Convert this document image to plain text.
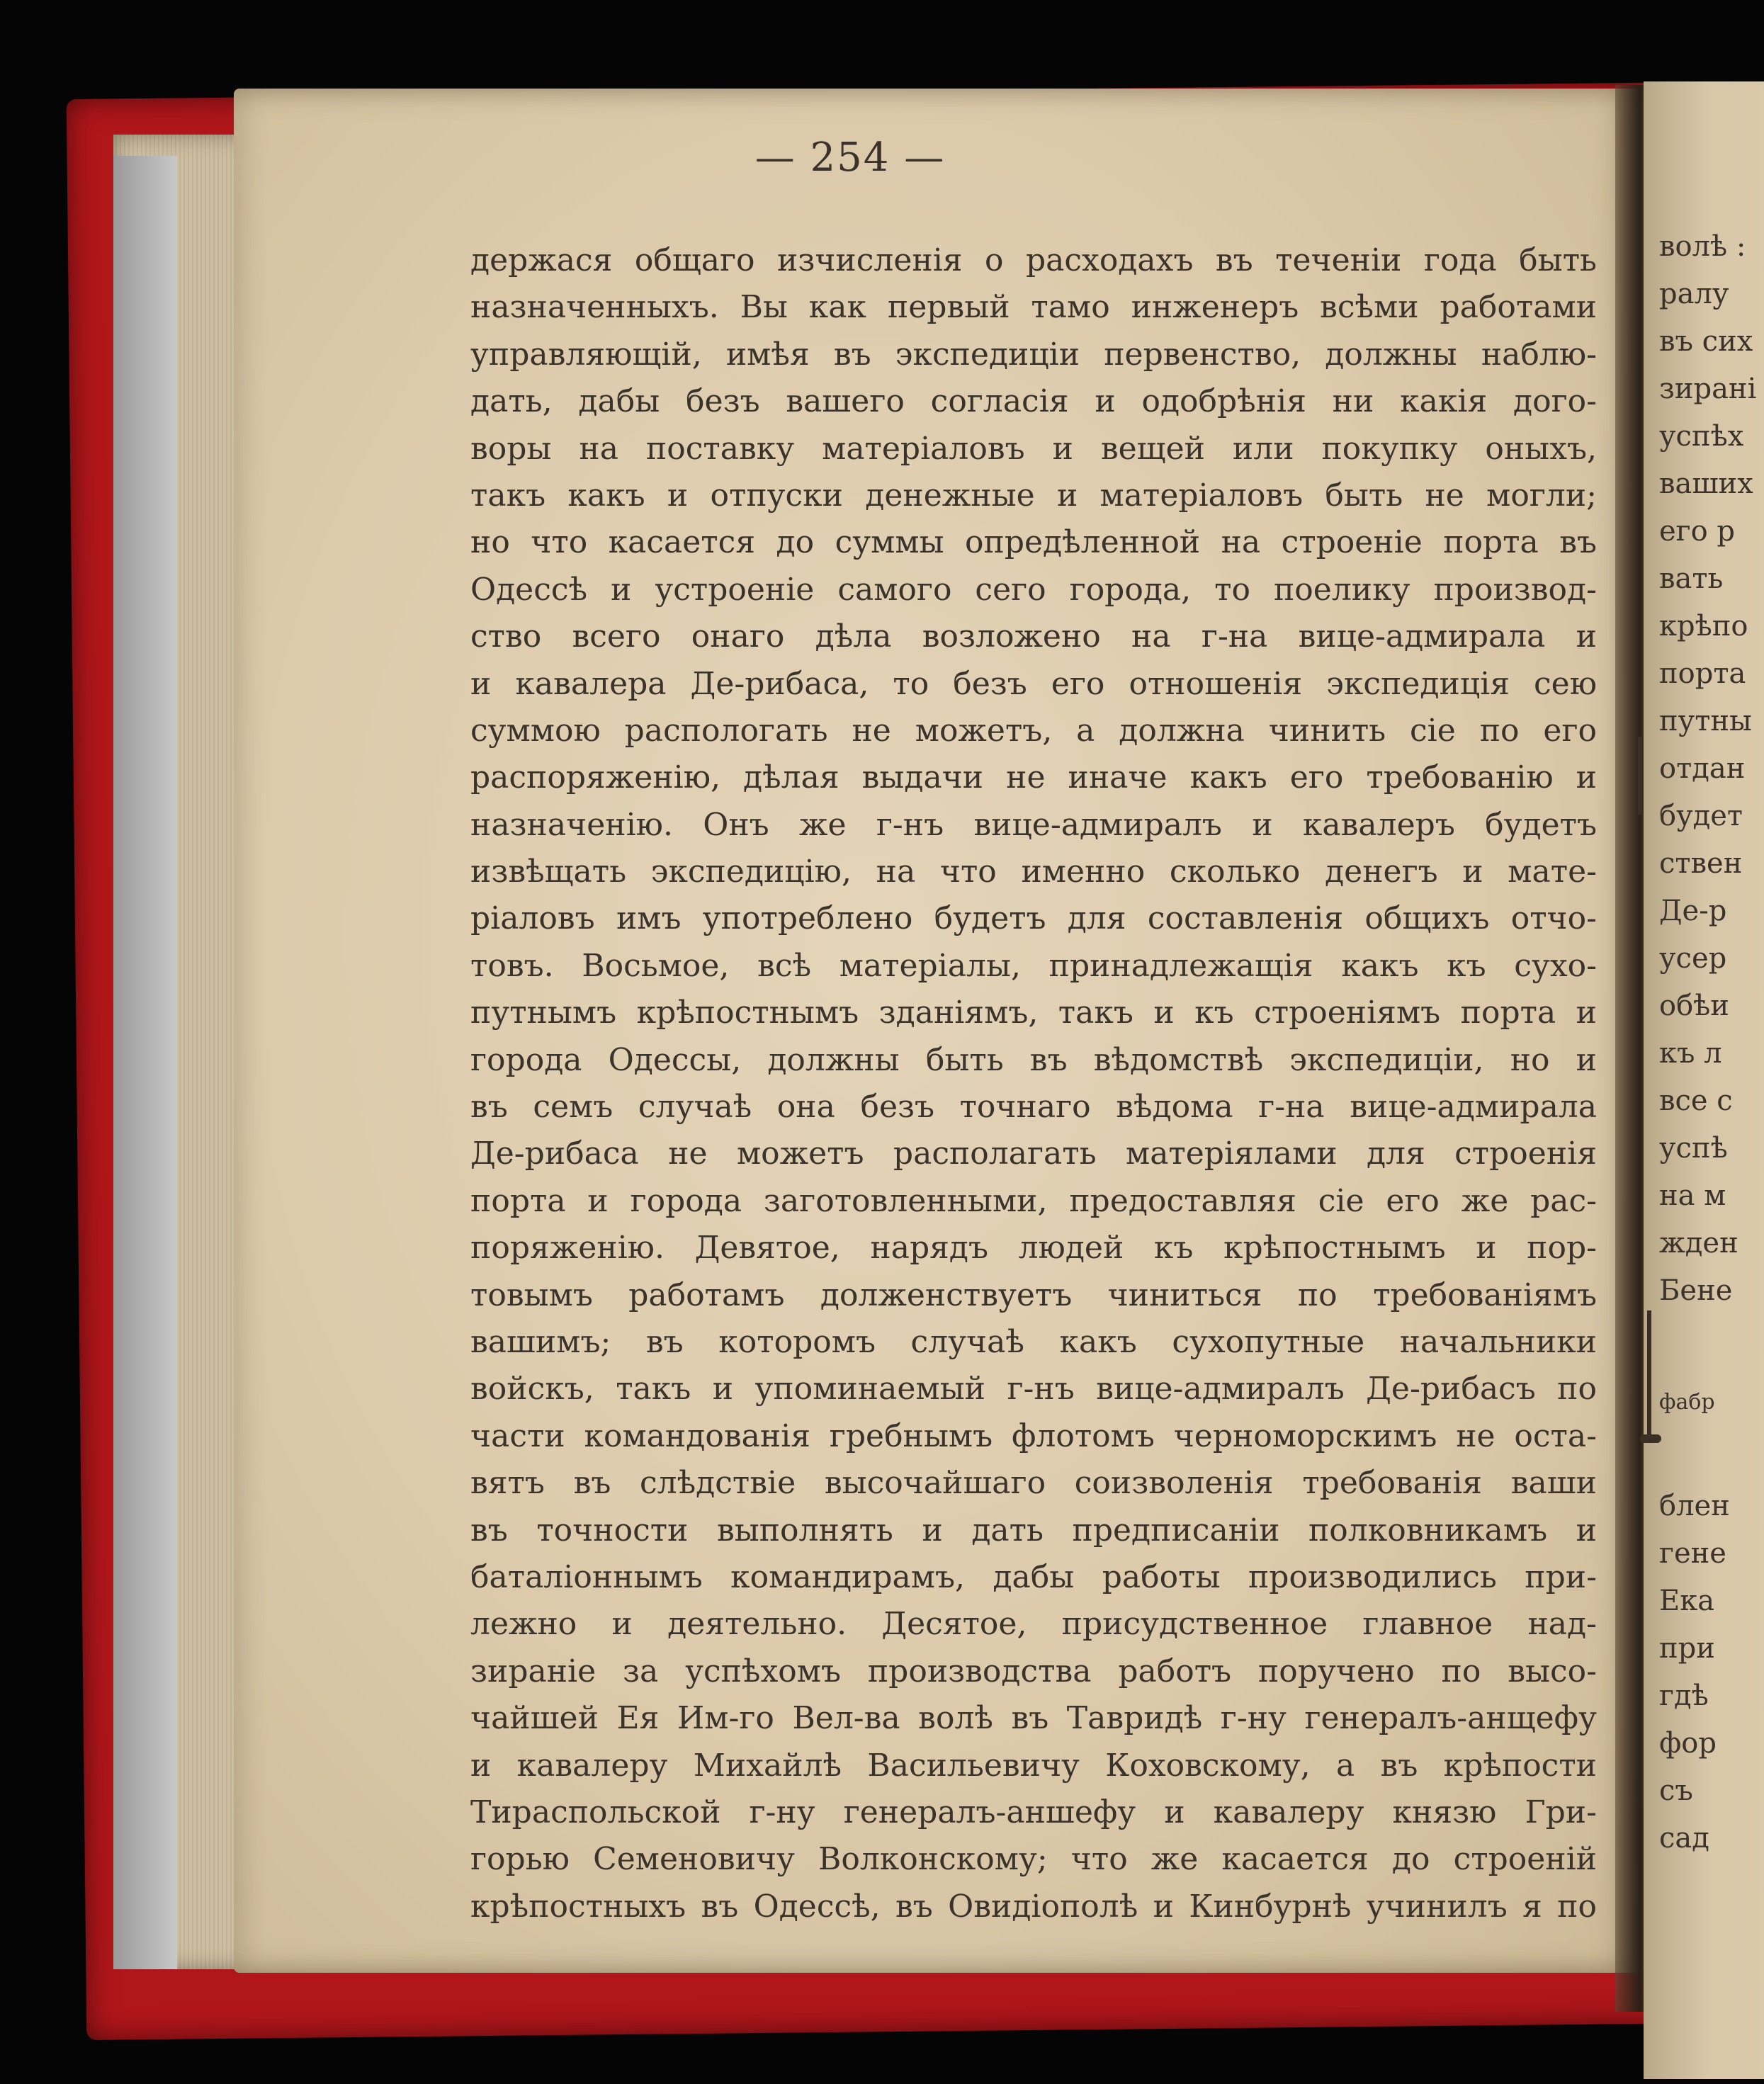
— 254 —
держася общаго изчисленія о расходахъ въ теченіи года быть
назначенныхъ. Вы как первый тамо инженеръ всѣми работами
управляющій, имѣя въ экспедиціи первенство, должны наблю-
дать, дабы безъ вашего согласія и одобрѣнія ни какія дого-
воры на поставку матеріаловъ и вещей или покупку оныхъ,
такъ какъ и отпуски денежные и матеріаловъ быть не могли;
но что касается до суммы опредѣленной на строеніе порта въ
Одессѣ и устроеніе самого сего города, то поелику производ-
ство всего онаго дѣла возложено на г-на вице-адмирала и
и кавалера Де-рибаса, то безъ его отношенія экспедиція сею
суммою распологать не можетъ, а должна чинить сіе по его
распоряженію, дѣлая выдачи не иначе какъ его требованію и
назначенію. Онъ же г-нъ вице-адмиралъ и кавалеръ будетъ
извѣщать экспедицію, на что именно сколько денегъ и мате-
ріаловъ имъ употреблено будетъ для составленія общихъ отчо-
товъ. Восьмое, всѣ матеріалы, принадлежащія какъ къ сухо-
путнымъ крѣпостнымъ зданіямъ, такъ и къ строеніямъ порта и
города Одессы, должны быть въ вѣдомствѣ экспедиціи, но и
въ семъ случаѣ она безъ точнаго вѣдома г-на вице-адмирала
Де-рибаса не можетъ располагать матеріялами для строенія
порта и города заготовленными, предоставляя сіе его же рас-
поряженію. Девятое, нарядъ людей къ крѣпостнымъ и пор-
товымъ работамъ долженствуетъ чиниться по требованіямъ
вашимъ; въ которомъ случаѣ какъ сухопутные начальники
войскъ, такъ и упоминаемый г-нъ вице-адмиралъ Де-рибасъ по
части командованія гребнымъ флотомъ черноморскимъ не оста-
вятъ въ слѣдствіе высочайшаго соизволенія требованія ваши
въ точности выполнять и дать предписаніи полковникамъ и
баталіоннымъ командирамъ, дабы работы производились при-
лежно и деятельно. Десятое, присудственное главное над-
зираніе за успѣхомъ производства работъ поручено по высо-
чайшей Ея Им-го Вел-ва волѣ въ Тавридѣ г-ну генералъ-анщефу
и кавалеру Михайлѣ Васильевичу Коховскому, а въ крѣпости
Тираспольской г-ну генералъ-аншефу и кавалеру князю Гри-
горью Семеновичу Волконскому; что же касается до строеній
крѣпостныхъ въ Одессѣ, въ Овидіополѣ и Кинбурнѣ учинилъ я по
волѣ :
ралу
въ сих
зирані
успѣх
вашиx
его р
вать
крѣпо
порта
путны
отдан
будет
ствен
Де-р
усер
обѣи
къ л
все с
успѣ
на м
жден
Бене
фабр
блен
гене
Ека
при
гдѣ
фор
съ
сад
